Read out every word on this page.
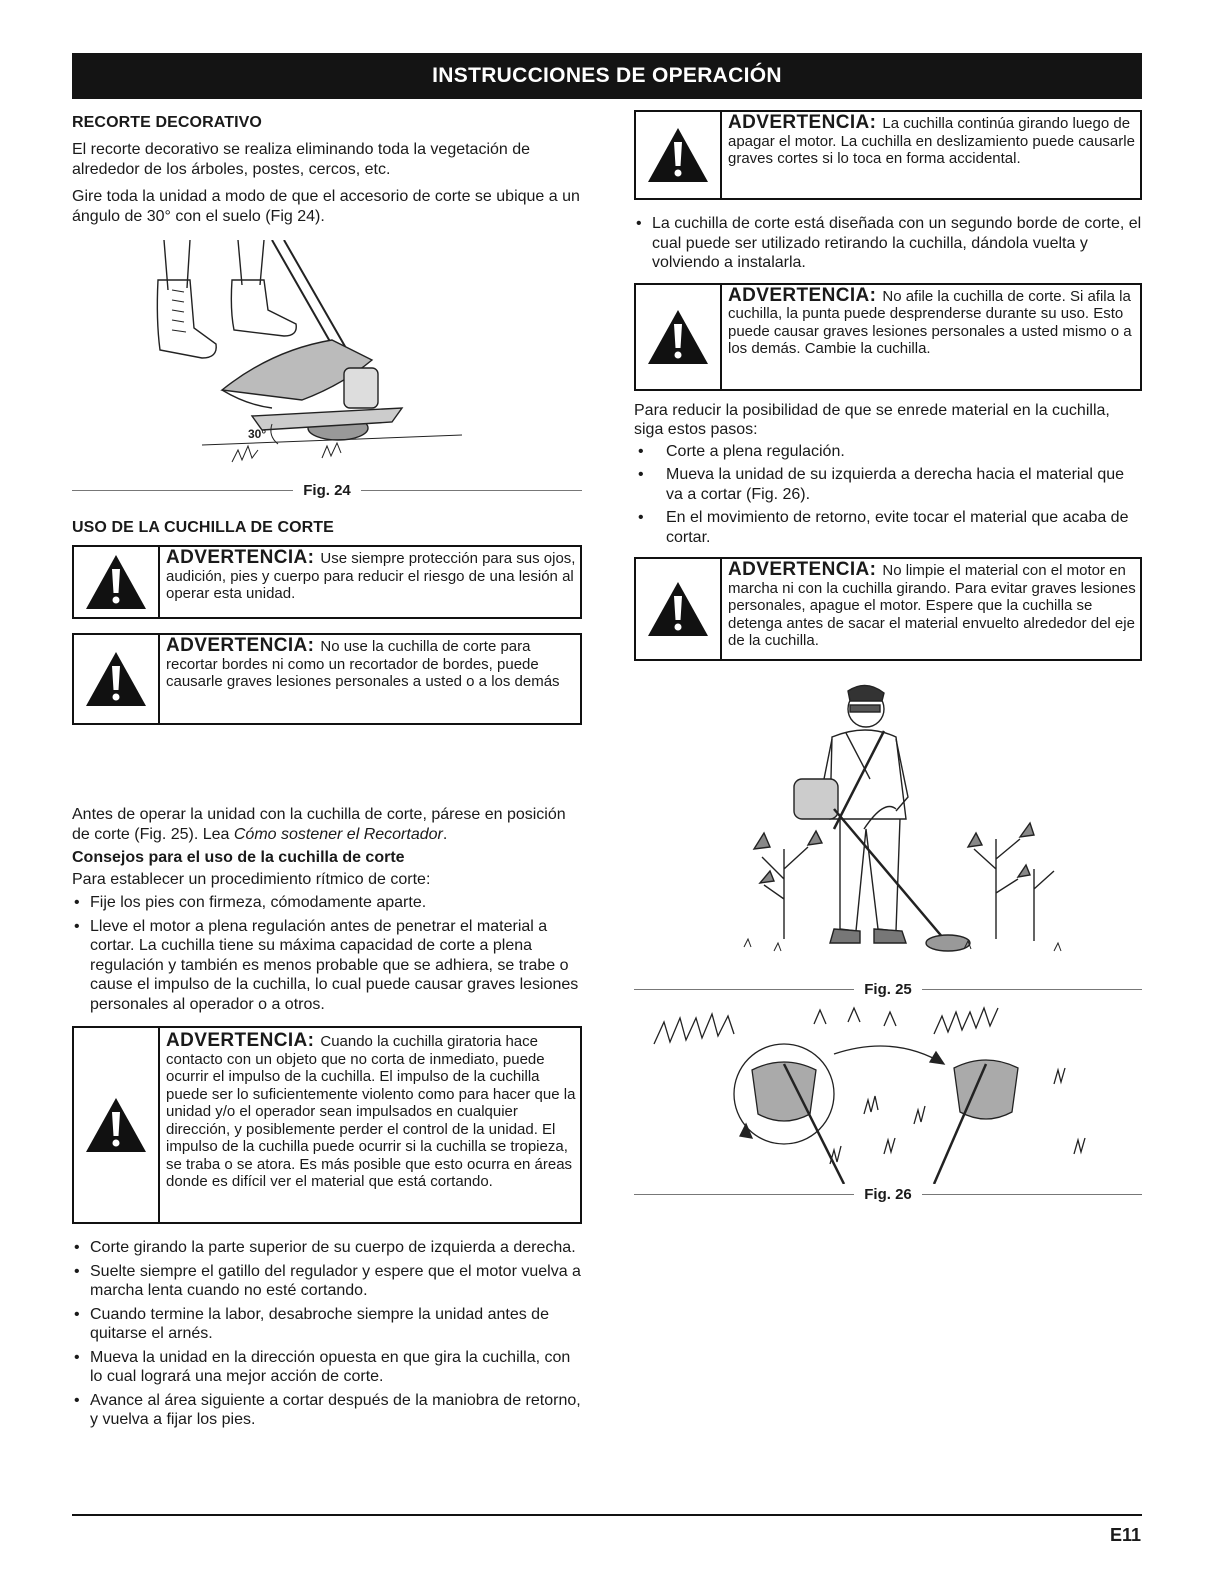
INSTRUCCIONES DE OPERACIÓN
RECORTE DECORATIVO

El recorte decorativo se realiza eliminando toda la vegetación de alrededor de los árboles, postes, cercos, etc.

Gire toda la unidad a modo de que el accesorio de corte se ubique a un ángulo de 30° con el suelo (Fig 24).

30°
Fig. 24
USO DE LA CUCHILLA DE CORTE
ADVERTENCIA: Use siempre protección para sus ojos, audición, pies y cuerpo para reducir el riesgo de una lesión al operar esta unidad.
ADVERTENCIA: No use la cuchilla de corte para recortar bordes ni como un recortador de bordes, puede causarle graves lesiones personales a usted o a los demás

Antes de operar la unidad con la cuchilla de corte, párese en posición de corte (Fig. 25). Lea Cómo sostener el Recortador.

Consejos para el uso de la cuchilla de corte

Para establecer un procedimiento rítmico de corte:

• Fije los pies con firmeza, cómodamente aparte.
• Lleve el motor a plena regulación antes de penetrar el material a cortar. La cuchilla tiene su máxima capacidad de corte a plena regulación y también es menos probable que se adhiera, se trabe o cause el impulso de la cuchilla, lo cual puede causar graves lesiones personales al operador o a otros.
ADVERTENCIA: Cuando la cuchilla giratoria hace contacto con un objeto que no corta de inmediato, puede ocurrir el impulso de la cuchilla. El impulso de la cuchilla puede ser lo suficientemente violento como para hacer que la unidad y/o el operador sean impulsados en cualquier dirección, y posiblemente perder el control de la unidad. El impulso de la cuchilla puede ocurrir si la cuchilla se tropieza, se traba o se atora. Es más posible que esto ocurra en áreas donde es difícil ver el material que está cortando.
• Corte girando la parte superior de su cuerpo de izquierda a derecha.
• Suelte siempre el gatillo del regulador y espere que el motor vuelva a marcha lenta cuando no esté cortando.
• Cuando termine la labor, desabroche siempre la unidad antes de quitarse el arnés.
• Mueva la unidad en la dirección opuesta en que gira la cuchilla, con lo cual logrará una mejor acción de corte.
• Avance al área siguiente a cortar después de la maniobra de retorno, y vuelva a fijar los pies.
ADVERTENCIA: La cuchilla continúa girando luego de apagar el motor. La cuchilla en deslizamiento puede causarle graves cortes si lo toca en forma accidental.
• La cuchilla de corte está diseñada con un segundo borde de corte, el cual puede ser utilizado retirando la cuchilla, dándola vuelta y volviendo a instalarla.
ADVERTENCIA: No afile la cuchilla de corte. Si afila la cuchilla, la punta puede desprenderse durante su uso. Esto puede causar graves lesiones personales a usted mismo o a los demás. Cambie la cuchilla.

Para reducir la posibilidad de que se enrede material en la cuchilla, siga estos pasos:

• Corte a plena regulación.
• Mueva la unidad de su izquierda a derecha hacia el material que va a cortar (Fig. 26).
• En el movimiento de retorno, evite tocar el material que acaba de cortar.
ADVERTENCIA: No limpie el material con el motor en marcha ni con la cuchilla girando. Para evitar graves lesiones personales, apague el motor. Espere que la cuchilla se detenga antes de sacar el material envuelto alrededor del eje de la cuchilla.
Fig. 25
Fig. 26
E11
